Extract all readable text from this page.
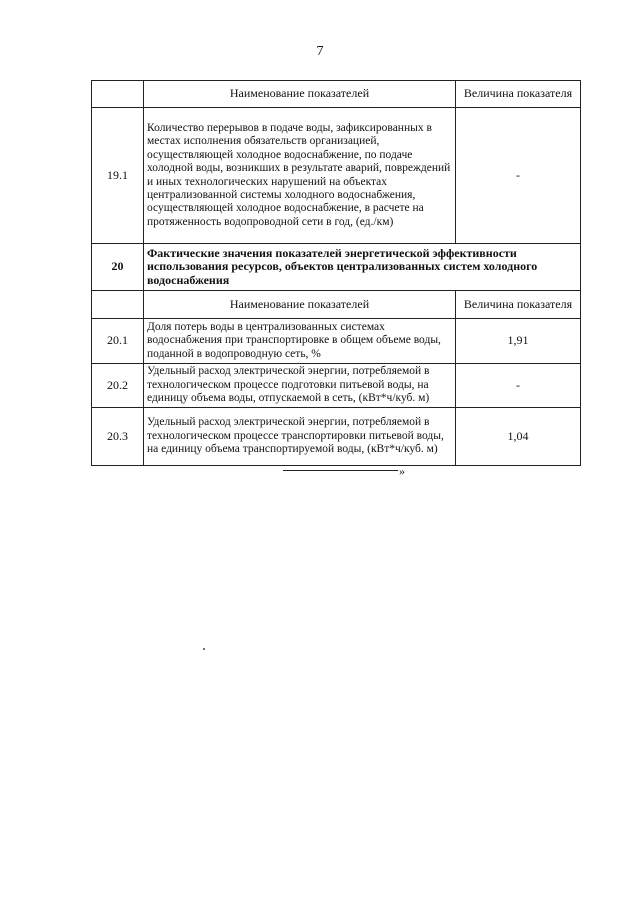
7
	Наименование показателей	Величина показателя
19.1	Количество перерывов в подаче воды, зафиксированных в местах исполнения обязательств организацией, осуществляющей холодное водоснабжение, по подаче холодной воды, возникших в результате аварий, повреждений и иных технологических нарушений на объектах централизованной системы холодного водоснабжения, осуществляющей холодное водоснабжение, в расчете на протяженность водопроводной сети в год, (ед./км)	-
20	Фактические значения показателей энергетической эффективности использования ресурсов, объектов централизованных систем холодного водоснабжения	
	Наименование показателей	Величина показателя
20.1	Доля потерь воды в централизованных системах водоснабжения при транспортировке в общем объеме воды, поданной в водопроводную сеть, %	1,91
20.2	Удельный расход электрической энергии, потребляемой в технологическом процессе подготовки питьевой воды, на единицу объема воды, отпускаемой в сеть, (кВт*ч/куб. м)	-
20.3	Удельный расход электрической энергии, потребляемой в технологическом процессе транспортировки питьевой воды, на единицу объема транспортируемой воды, (кВт*ч/куб. м)	1,04
»
